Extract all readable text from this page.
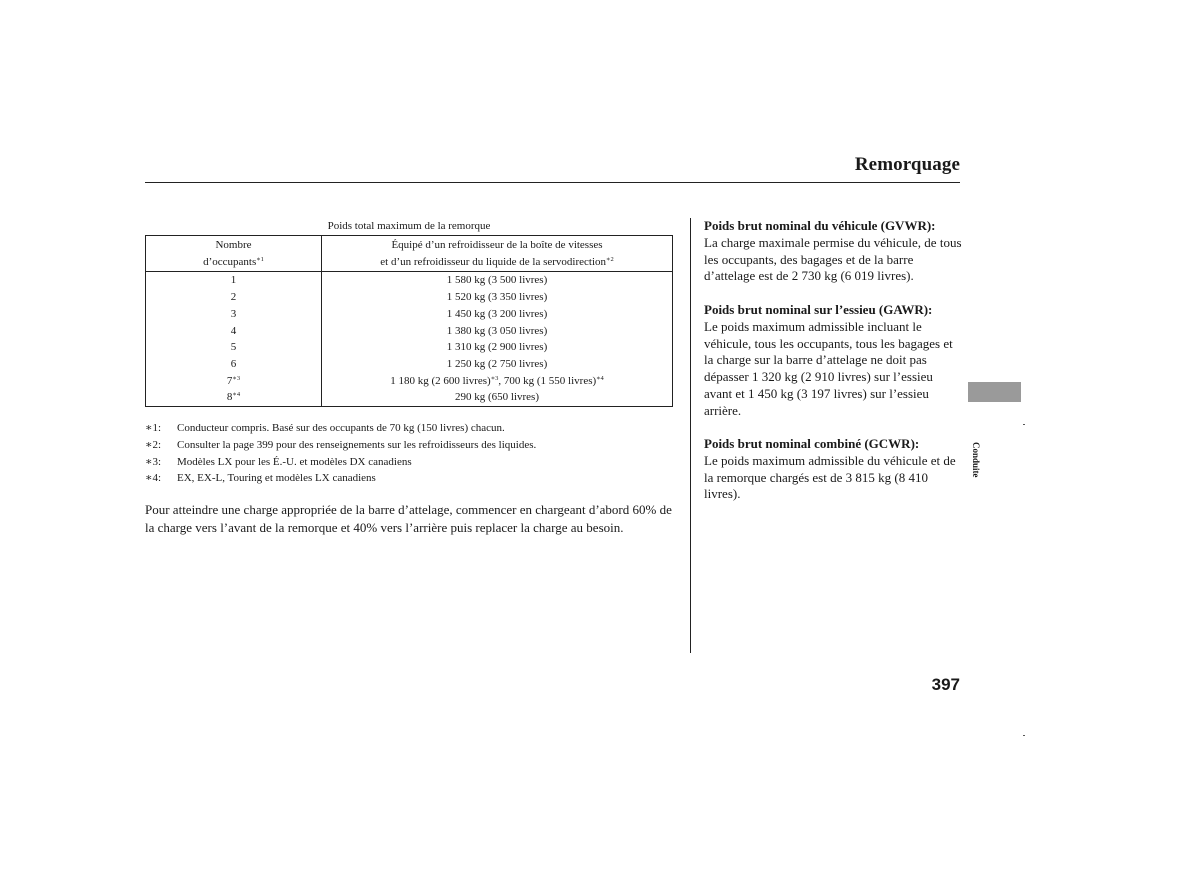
Remorquage
Poids total maximum de la remorque
Nombre
d’occupants$^{∗1}$	Équipé d’un refroidisseur de la boîte de vitesses
et d’un refroidisseur du liquide de la servodirection$^{∗2}$
1	1 580 kg (3 500 livres)
2	1 520 kg (3 350 livres)
3	1 450 kg (3 200 livres)
4	1 380 kg (3 050 livres)
5	1 310 kg (2 900 livres)
6	1 250 kg (2 750 livres)
$7^{∗3}$	1 180 kg (2 600 livres)$^{∗3}$, 700 kg (1 550 livres)$^{∗4}$
$8^{∗4}$	290 kg (650 livres)
∗1:	Conducteur compris. Basé sur des occupants de 70 kg (150 livres) chacun.
∗2:	Consulter la page 399 pour des renseignements sur les refroidisseurs des liquides.
∗3:	Modèles LX pour les É.-U. et modèles DX canadiens
∗4:	EX, EX-L, Touring et modèles LX canadiens
Pour atteindre une charge appropriée de la barre d’attelage, commencer en chargeant d’abord 60% de la charge vers l’avant de la remorque et 40% vers l’arrière puis replacer la charge au besoin.
Poids brut nominal du véhicule (GVWR):
La charge maximale permise du véhicule, de tous les occupants, des bagages et de la barre d’attelage est de 2 730 kg (6 019 livres).
Poids brut nominal sur l’essieu (GAWR):
Le poids maximum admissible incluant le véhicule, tous les occupants, tous les bagages et la charge sur la barre d’attelage ne doit pas dépasser 1 320 kg (2 910 livres) sur l’essieu avant et 1 450 kg (3 197 livres) sur l’essieu arrière.
Poids brut nominal combiné (GCWR):
Le poids maximum admissible du véhicule et de la remorque chargés est de 3 815 kg (8 410 livres).
Conduite
397
